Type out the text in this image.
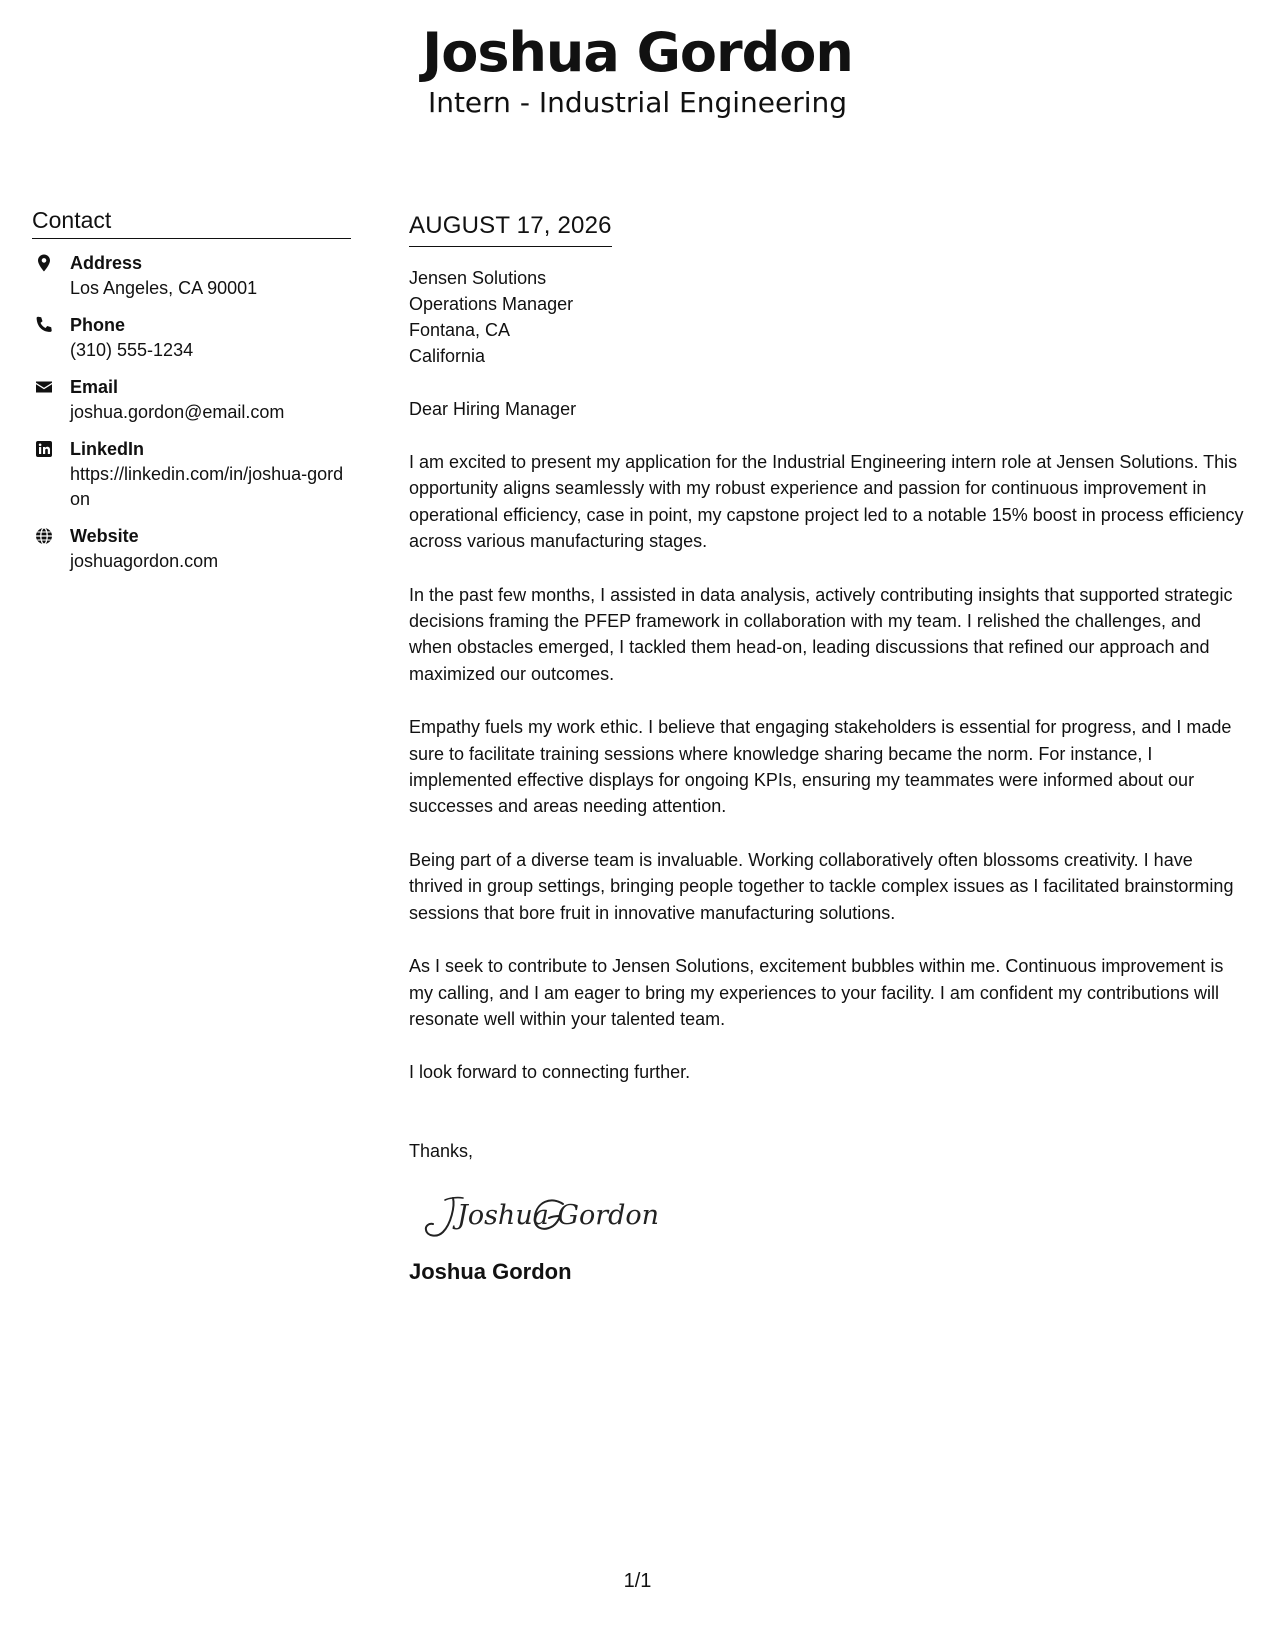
Joshua Gordon
Intern - Industrial Engineering
Contact
Address
Los Angeles, CA 90001
Phone
(310) 555-1234
Email
joshua.gordon@email.com
LinkedIn
https://linkedin.com/in/joshua-gordon
Website
joshuagordon.com
AUGUST 17, 2026
Jensen Solutions
Operations Manager
Fontana, CA
California
Dear Hiring Manager
I am excited to present my application for the Industrial Engineering intern role at Jensen Solutions. This opportunity aligns seamlessly with my robust experience and passion for continuous improvement in operational efficiency, case in point, my capstone project led to a notable 15% boost in process efficiency across various manufacturing stages.
In the past few months, I assisted in data analysis, actively contributing insights that supported strategic decisions framing the PFEP framework in collaboration with my team. I relished the challenges, and when obstacles emerged, I tackled them head-on, leading discussions that refined our approach and maximized our outcomes.
Empathy fuels my work ethic. I believe that engaging stakeholders is essential for progress, and I made sure to facilitate training sessions where knowledge sharing became the norm. For instance, I implemented effective displays for ongoing KPIs, ensuring my teammates were informed about our successes and areas needing attention.
Being part of a diverse team is invaluable. Working collaboratively often blossoms creativity. I have thrived in group settings, bringing people together to tackle complex issues as I facilitated brainstorming sessions that bore fruit in innovative manufacturing solutions.
As I seek to contribute to Jensen Solutions, excitement bubbles within me. Continuous improvement is my calling, and I am eager to bring my experiences to your facility. I am confident my contributions will resonate well within your talented team.
I look forward to connecting further.
Thanks,
Joshua Gordon
Joshua Gordon
1/1
